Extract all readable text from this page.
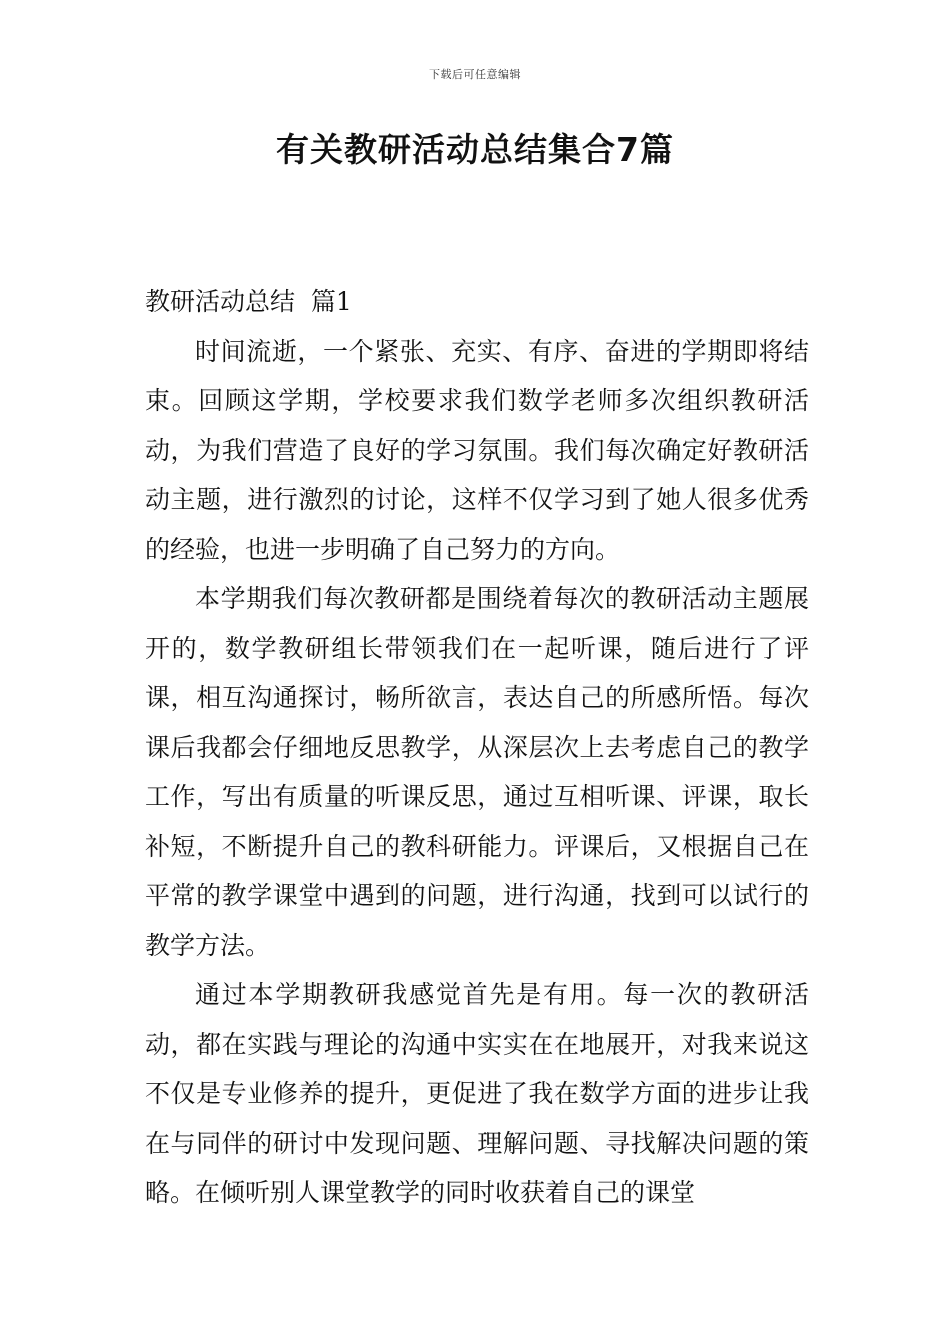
下载后可任意编辑
有关教研活动总结集合7篇
教研活动总结  篇1

时间流逝，一个紧张、充实、有序、奋进的学期即将结束。回顾这学期，学校要求我们数学老师多次组织教研活动，为我们营造了良好的学习氛围。我们每次确定好教研活动主题，进行激烈的讨论，这样不仅学习到了她人很多优秀的经验，也进一步明确了自己努力的方向。

本学期我们每次教研都是围绕着每次的教研活动主题展开的，数学教研组长带领我们在一起听课，随后进行了评课，相互沟通探讨，畅所欲言，表达自己的所感所悟。每次课后我都会仔细地反思教学，从深层次上去考虑自己的教学工作，写出有质量的听课反思，通过互相听课、评课，取长补短，不断提升自己的教科研能力。评课后，又根据自己在平常的教学课堂中遇到的问题，进行沟通，找到可以试行的教学方法。

通过本学期教研我感觉首先是有用。每一次的教研活动，都在实践与理论的沟通中实实在在地展开，对我来说这不仅是专业修养的提升，更促进了我在数学方面的进步让我在与同伴的研讨中发现问题、理解问题、寻找解决问题的策略。在倾听别人课堂教学的同时收获着自己的课堂
